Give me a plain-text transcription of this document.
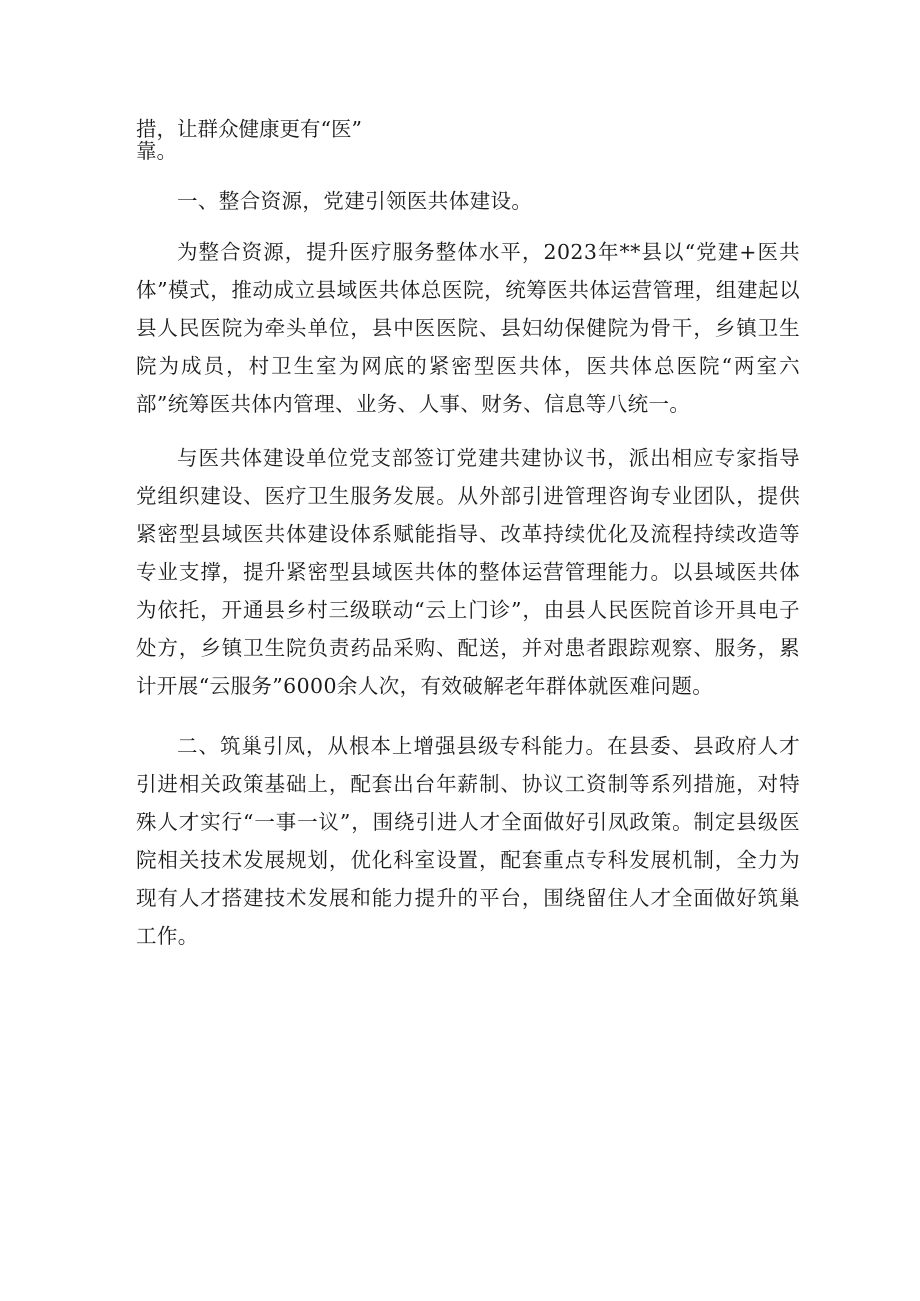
措，让群众健康更有“医”

靠。

一、整合资源，党建引领医共体建设。

为整合资源，提升医疗服务整体水平，2023年**县以“党建+医共体”模式，推动成立县域医共体总医院，统筹医共体运营管理，组建起以县人民医院为牵头单位，县中医医院、县妇幼保健院为骨干，乡镇卫生院为成员，村卫生室为网底的紧密型医共体，医共体总医院“两室六部”统筹医共体内管理、业务、人事、财务、信息等八统一。

与医共体建设单位党支部签订党建共建协议书，派出相应专家指导党组织建设、医疗卫生服务发展。从外部引进管理咨询专业团队，提供紧密型县域医共体建设体系赋能指导、改革持续优化及流程持续改造等专业支撑，提升紧密型县域医共体的整体运营管理能力。以县域医共体为依托，开通县乡村三级联动“云上门诊”，由县人民医院首诊开具电子处方，乡镇卫生院负责药品采购、配送，并对患者跟踪观察、服务，累计开展“云服务”6000余人次，有效破解老年群体就医难问题。

二、筑巢引凤，从根本上增强县级专科能力。在县委、县政府人才引进相关政策基础上，配套出台年薪制、协议工资制等系列措施，对特殊人才实行“一事一议”，围绕引进人才全面做好引凤政策。制定县级医院相关技术发展规划，优化科室设置，配套重点专科发展机制，全力为现有人才搭建技术发展和能力提升的平台，围绕留住人才全面做好筑巢工作。
